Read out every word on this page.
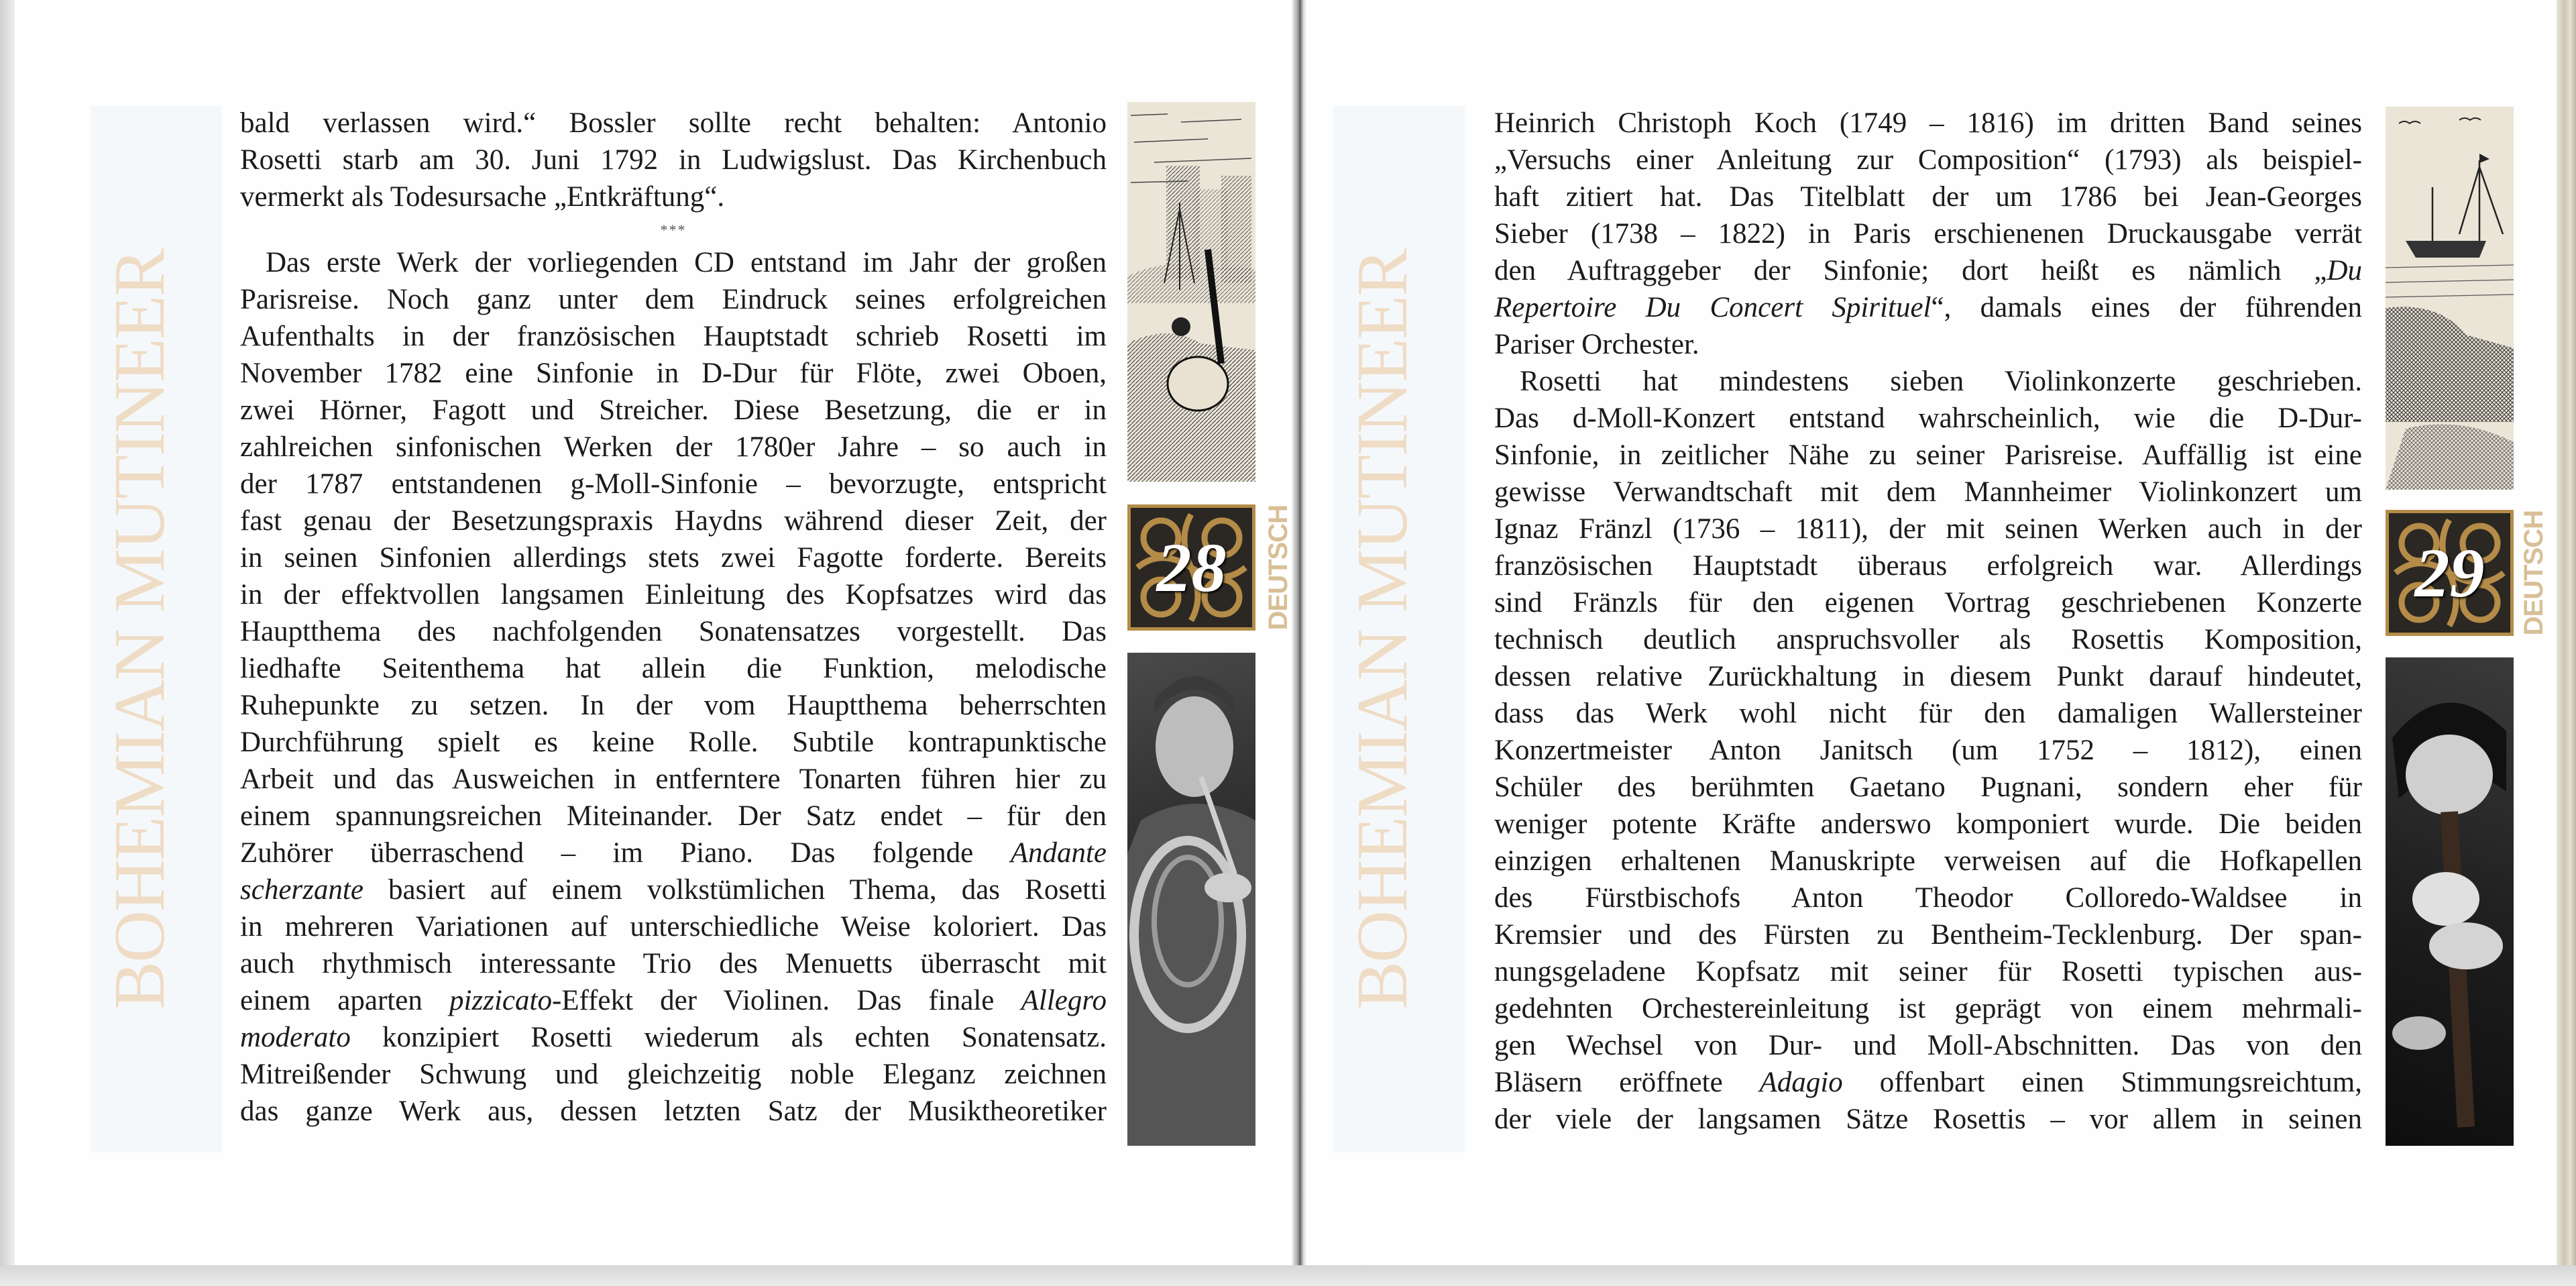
BOHEMIAN MUTINEER
bald verlassen wird.“ Bossler sollte recht behalten: Antonio
Rosetti starb am 30. Juni 1792 in Ludwigslust. Das Kirchenbuch
vermerkt als Todesursache „Entkräftung“.
***
Das erste Werk der vorliegenden CD entstand im Jahr der großen
Parisreise. Noch ganz unter dem Eindruck seines erfolgreichen
Aufenthalts in der französischen Hauptstadt schrieb Rosetti im
November 1782 eine Sinfonie in D-Dur für Flöte, zwei Oboen,
zwei Hörner, Fagott und Streicher. Diese Besetzung, die er in
zahlreichen sinfonischen Werken der 1780er Jahre – so auch in
der 1787 entstandenen g-Moll-Sinfonie – bevorzugte, entspricht
fast genau der Besetzungspraxis Haydns während dieser Zeit, der
in seinen Sinfonien allerdings stets zwei Fagotte forderte. Bereits
in der effektvollen langsamen Einleitung des Kopfsatzes wird das
Hauptthema des nachfolgenden Sonatensatzes vorgestellt. Das
liedhafte Seitenthema hat allein die Funktion, melodische
Ruhepunkte zu setzen. In der vom Hauptthema beherrschten
Durchführung spielt es keine Rolle. Subtile kontrapunktische
Arbeit und das Ausweichen in entferntere Tonarten führen hier zu
einem spannungsreichen Miteinander. Der Satz endet – für den
Zuhörer überraschend – im Piano. Das folgende Andante
scherzante basiert auf einem volkstümlichen Thema, das Rosetti
in mehreren Variationen auf unterschiedliche Weise koloriert. Das
auch rhythmisch interessante Trio des Menuetts überrascht mit
einem aparten pizzicato-Effekt der Violinen. Das finale Allegro
moderato konzipiert Rosetti wiederum als echten Sonatensatz.
Mitreißender Schwung und gleichzeitig noble Eleganz zeichnen
das ganze Werk aus, dessen letzten Satz der Musiktheoretiker
28	DEUTSCH BOHEMIAN MUTINEER
Heinrich Christoph Koch (1749 – 1816) im dritten Band seines
„Versuchs einer Anleitung zur Composition“ (1793) als beispiel-
haft zitiert hat. Das Titelblatt der um 1786 bei Jean-Georges
Sieber (1738 – 1822) in Paris erschienenen Druckausgabe verrät
den Auftraggeber der Sinfonie; dort heißt es nämlich „Du
Repertoire Du Concert Spirituel“, damals eines der führenden
Pariser Orchester.
Rosetti hat mindestens sieben Violinkonzerte geschrieben.
Das d-Moll-Konzert entstand wahrscheinlich, wie die D-Dur-
Sinfonie, in zeitlicher Nähe zu seiner Parisreise. Auffällig ist eine
gewisse Verwandtschaft mit dem Mannheimer Violinkonzert um
Ignaz Fränzl (1736 – 1811), der mit seinen Werken auch in der
französischen Hauptstadt überaus erfolgreich war. Allerdings
sind Fränzls für den eigenen Vortrag geschriebenen Konzerte
technisch deutlich anspruchsvoller als Rosettis Komposition,
dessen relative Zurückhaltung in diesem Punkt darauf hindeutet,
dass das Werk wohl nicht für den damaligen Wallersteiner
Konzertmeister Anton Janitsch (um 1752 – 1812), einen
Schüler des berühmten Gaetano Pugnani, sondern eher für
weniger potente Kräfte anderswo komponiert wurde. Die beiden
einzigen erhaltenen Manuskripte verweisen auf die Hofkapellen
des Fürstbischofs Anton Theodor Colloredo-Waldsee in
Kremsier und des Fürsten zu Bentheim-Tecklenburg. Der span-
nungsgeladene Kopfsatz mit seiner für Rosetti typischen aus-
gedehnten Orchestereinleitung ist geprägt von einem mehrmali-
gen Wechsel von Dur- und Moll-Abschnitten. Das von den
Bläsern eröffnete Adagio offenbart einen Stimmungsreichtum,
der viele der langsamen Sätze Rosettis – vor allem in seinen
29	DEUTSCH
